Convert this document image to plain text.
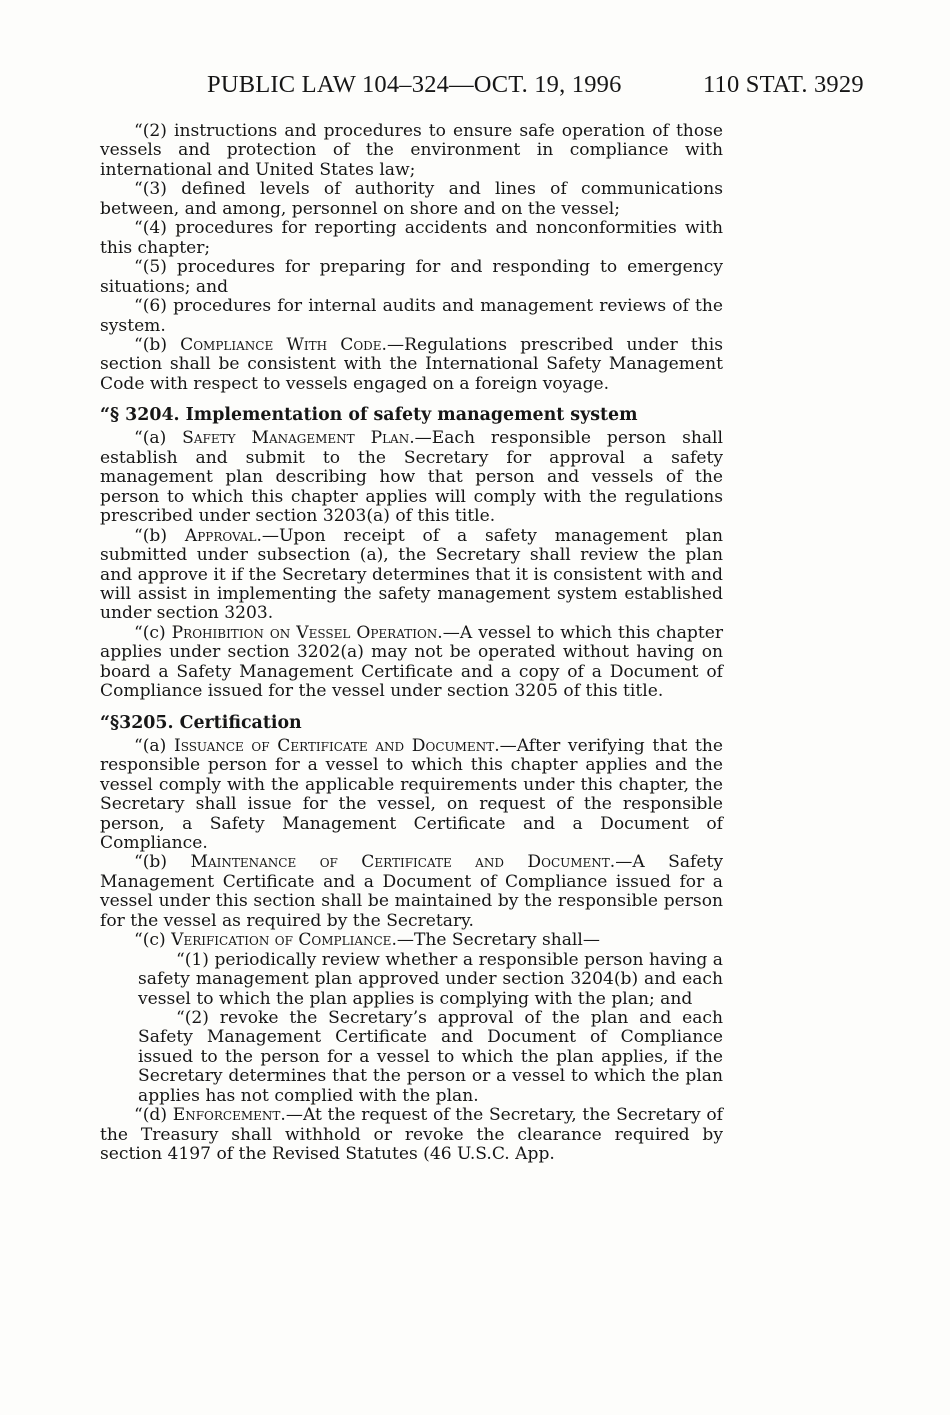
PUBLIC LAW 104–324—OCT. 19, 1996	110 STAT. 3929

“(2) instructions and procedures to ensure safe operation of those vessels and protection of the environment in compliance with international and United States law;

“(3) defined levels of authority and lines of communications between, and among, personnel on shore and on the vessel;

“(4) procedures for reporting accidents and nonconformities with this chapter;

“(5) procedures for preparing for and responding to emergency situations; and

“(6) procedures for internal audits and management reviews of the system.

“(b) Compliance With Code.—Regulations prescribed under this section shall be consistent with the International Safety Management Code with respect to vessels engaged on a foreign voyage.

“§ 3204. Implementation of safety management system

“(a) Safety Management Plan.—Each responsible person shall establish and submit to the Secretary for approval a safety management plan describing how that person and vessels of the person to which this chapter applies will comply with the regulations prescribed under section 3203(a) of this title.

“(b) Approval.—Upon receipt of a safety management plan submitted under subsection (a), the Secretary shall review the plan and approve it if the Secretary determines that it is consistent with and will assist in implementing the safety management system established under section 3203.

“(c) Prohibition on Vessel Operation.—A vessel to which this chapter applies under section 3202(a) may not be operated without having on board a Safety Management Certificate and a copy of a Document of Compliance issued for the vessel under section 3205 of this title.

“§3205. Certification

“(a) Issuance of Certificate and Document.—After verifying that the responsible person for a vessel to which this chapter applies and the vessel comply with the applicable requirements under this chapter, the Secretary shall issue for the vessel, on request of the responsible person, a Safety Management Certificate and a Document of Compliance.

“(b) Maintenance of Certificate and Document.—A Safety Management Certificate and a Document of Compliance issued for a vessel under this section shall be maintained by the responsible person for the vessel as required by the Secretary.

“(c) Verification of Compliance.—The Secretary shall—

“(1) periodically review whether a responsible person having a safety management plan approved under section 3204(b) and each vessel to which the plan applies is complying with the plan; and

“(2) revoke the Secretary’s approval of the plan and each Safety Management Certificate and Document of Compliance issued to the person for a vessel to which the plan applies, if the Secretary determines that the person or a vessel to which the plan applies has not complied with the plan.

“(d) Enforcement.—At the request of the Secretary, the Secretary of the Treasury shall withhold or revoke the clearance required by section 4197 of the Revised Statutes (46 U.S.C. App.
